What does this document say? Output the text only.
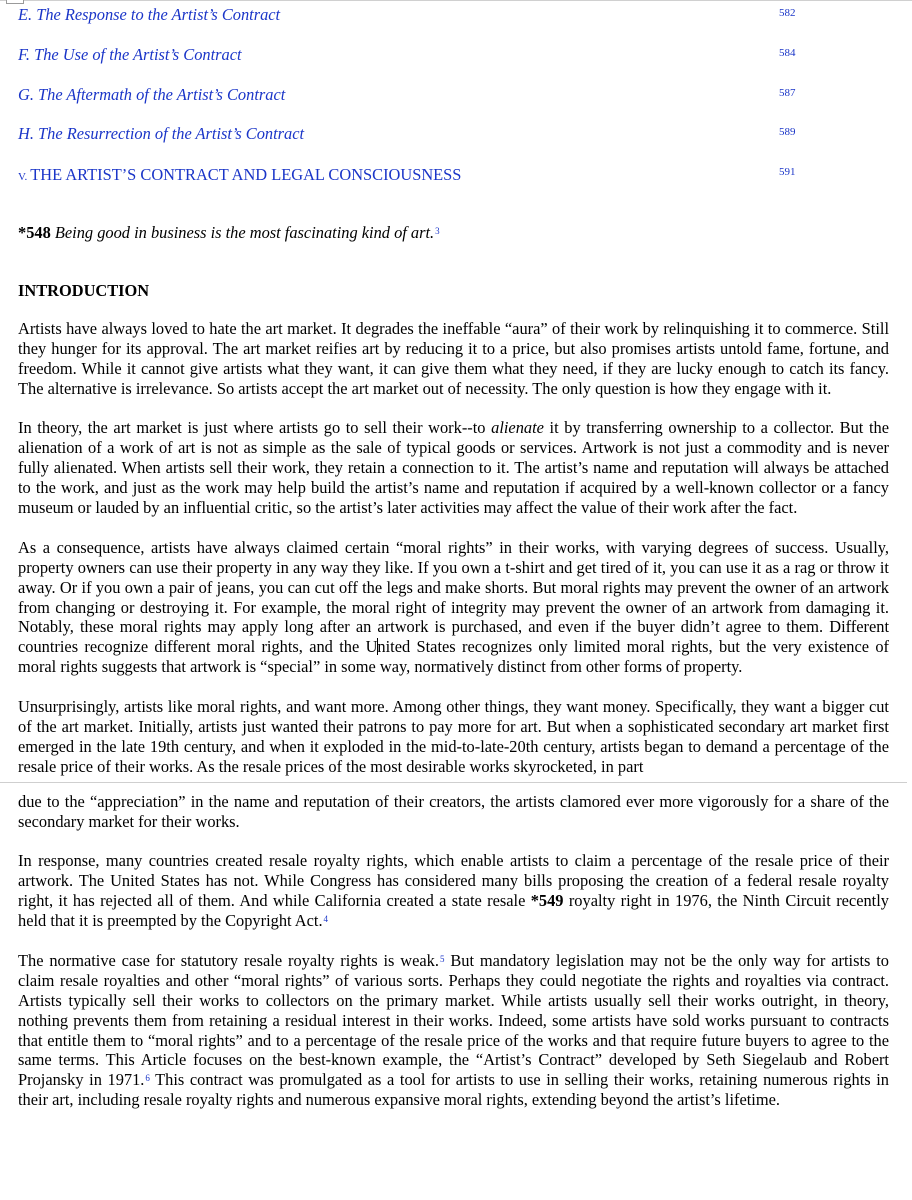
E. The Response to the Artist’s Contract	582
F. The Use of the Artist’s Contract	584
G. The Aftermath of the Artist’s Contract	587
H. The Resurrection of the Artist’s Contract	589
V. THE ARTIST’S CONTRACT AND LEGAL CONSCIOUSNESS	591

*548 Being good in business is the most fascinating kind of art.$^3$

INTRODUCTION

Artists have always loved to hate the art market. It degrades the ineffable “aura” of their work by relinquishing it to commerce. Still they hunger for its approval. The art market reifies art by reducing it to a price, but also promises artists untold fame, fortune, and freedom. While it cannot give artists what they want, it can give them what they need, if they are lucky enough to catch its fancy. The alternative is irrelevance. So artists accept the art market out of necessity. The only question is how they engage with it.

In theory, the art market is just where artists go to sell their work--to alienate it by transferring ownership to a collector. But the alienation of a work of art is not as simple as the sale of typical goods or services. Artwork is not just a commodity and is never fully alienated. When artists sell their work, they retain a connection to it. The artist’s name and reputation will always be attached to the work, and just as the work may help build the artist’s name and reputation if acquired by a well-known collector or a fancy museum or lauded by an influential critic, so the artist’s later activities may affect the value of their work after the fact.

As a consequence, artists have always claimed certain “moral rights” in their works, with varying degrees of success. Usually, property owners can use their property in any way they like. If you own a t-shirt and get tired of it, you can use it as a rag or throw it away. Or if you own a pair of jeans, you can cut off the legs and make shorts. But moral rights may prevent the owner of an artwork from changing or destroying it. For example, the moral right of integrity may prevent the owner of an artwork from damaging it. Notably, these moral rights may apply long after an artwork is purchased, and even if the buyer didn’t agree to them. Different countries recognize different moral rights, and the United States recognizes only limited moral rights, but the very existence of moral rights suggests that artwork is “special” in some way, normatively distinct from other forms of property.

Unsurprisingly, artists like moral rights, and want more. Among other things, they want money. Specifically, they want a bigger cut of the art market. Initially, artists just wanted their patrons to pay more for art. But when a sophisticated secondary art market first emerged in the late 19th century, and when it exploded in the mid-to-late-20th century, artists began to demand a percentage of the resale price of their works. As the resale prices of the most desirable works skyrocketed, in part

due to the “appreciation” in the name and reputation of their creators, the artists clamored ever more vigorously for a share of the secondary market for their works.

In response, many countries created resale royalty rights, which enable artists to claim a percentage of the resale price of their artwork. The United States has not. While Congress has considered many bills proposing the creation of a federal resale royalty right, it has rejected all of them. And while California created a state resale *549 royalty right in 1976, the Ninth Circuit recently held that it is preempted by the Copyright Act.$^4$

The normative case for statutory resale royalty rights is weak.$^5$ But mandatory legislation may not be the only way for artists to claim resale royalties and other “moral rights” of various sorts. Perhaps they could negotiate the rights and royalties via contract. Artists typically sell their works to collectors on the primary market. While artists usually sell their works outright, in theory, nothing prevents them from retaining a residual interest in their works. Indeed, some artists have sold works pursuant to contracts that entitle them to “moral rights” and to a percentage of the resale price of the works and that require future buyers to agree to the same terms. This Article focuses on the best-known example, the “Artist’s Contract” developed by Seth Siegelaub and Robert Projansky in 1971.$^6$ This contract was promulgated as a tool for artists to use in selling their works, retaining numerous rights in their art, including resale royalty rights and numerous expansive moral rights, extending beyond the artist’s lifetime.
